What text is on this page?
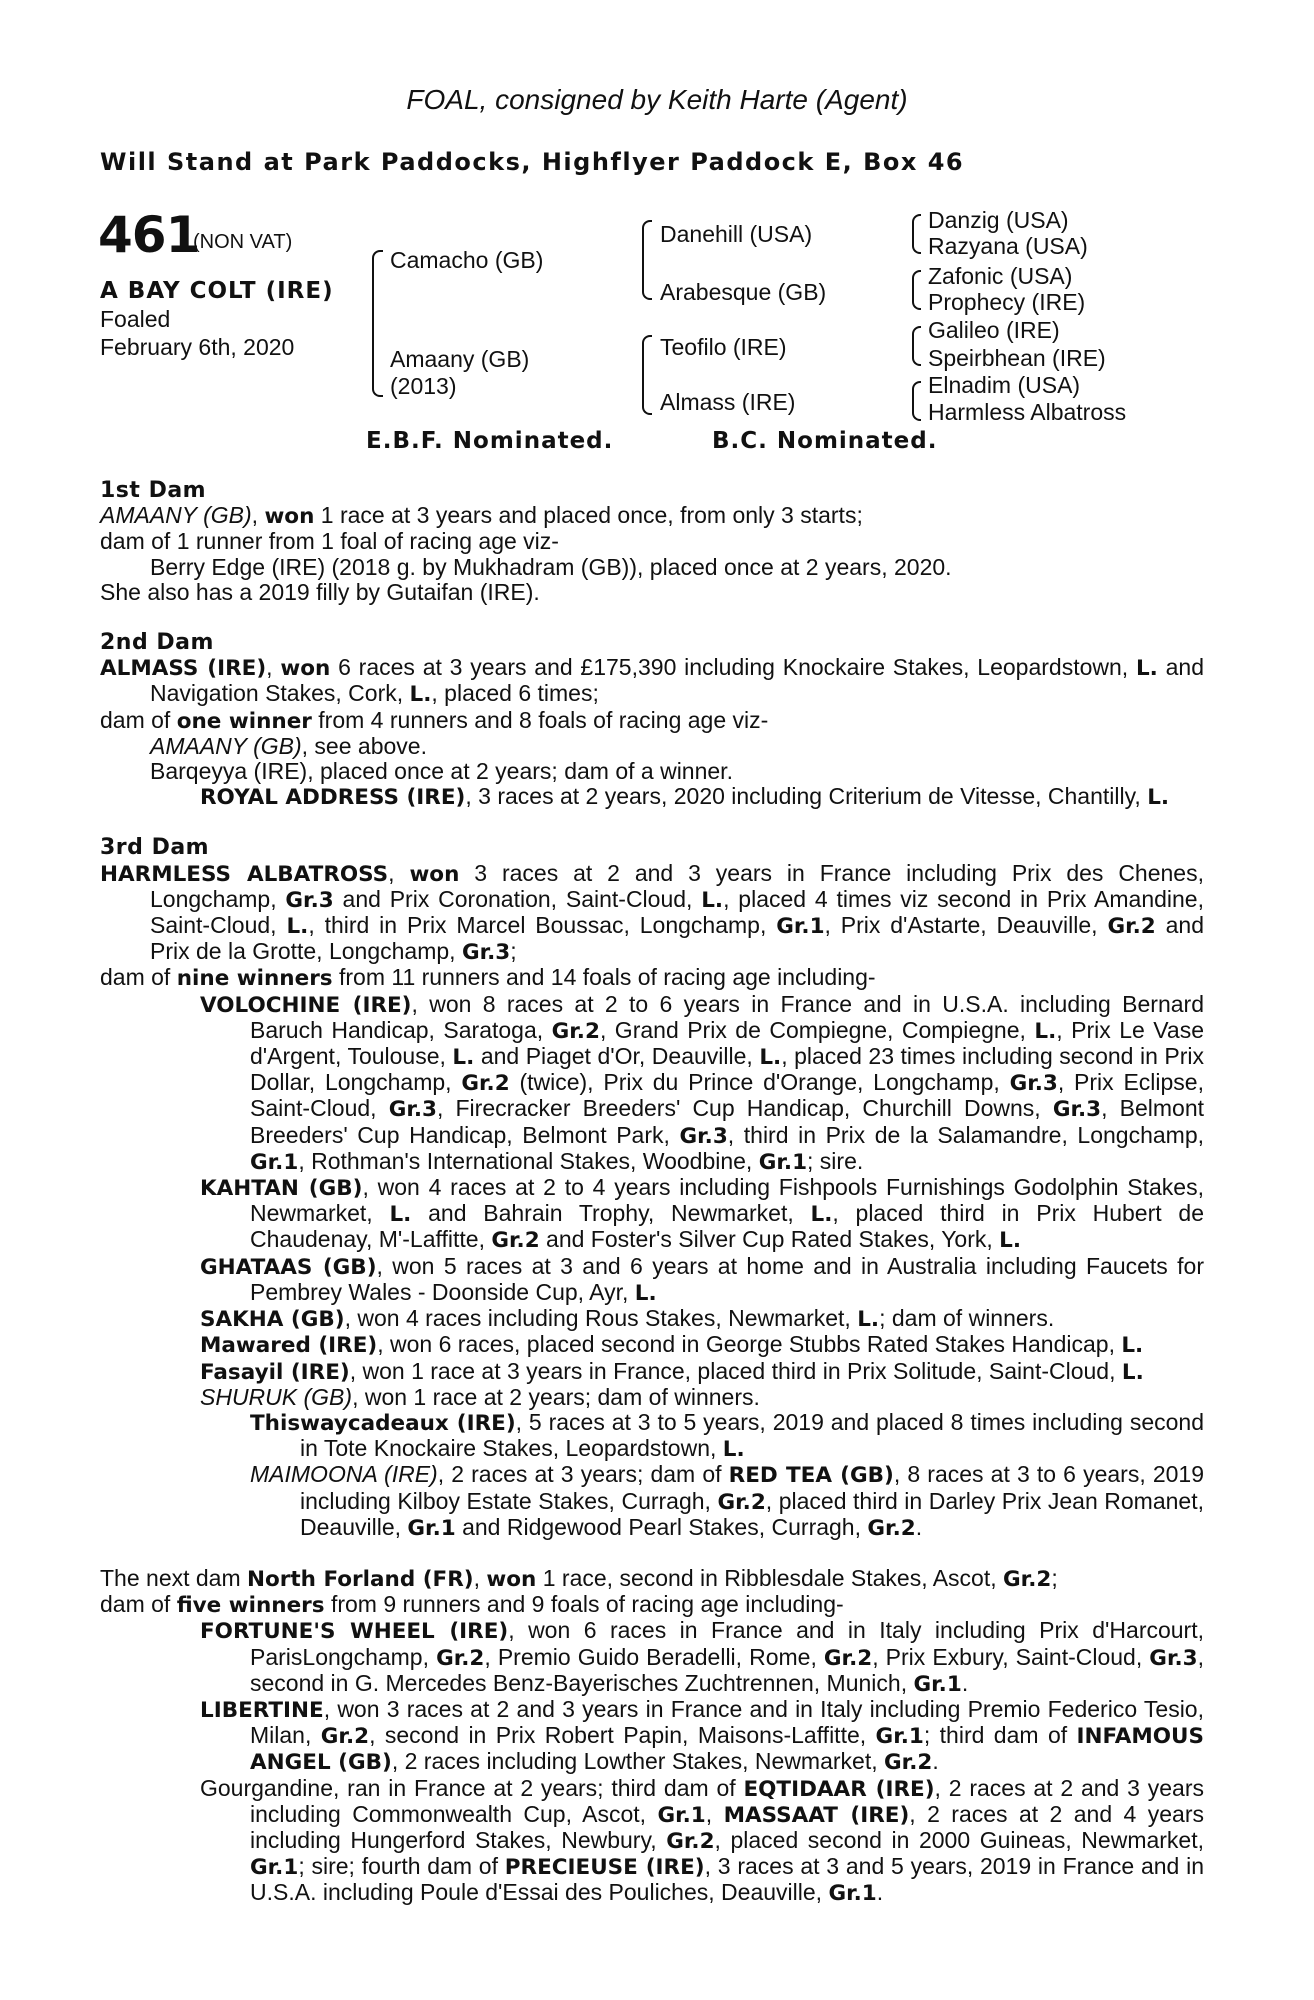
FOAL, consigned by Keith Harte (Agent)
Will Stand at Park Paddocks, Highflyer Paddock E, Box 46
461
(NON VAT)
A BAY COLT (IRE)
Foaled
February 6th, 2020
Camacho (GB)
Amaany (GB)
(2013)
Danehill (USA)
Arabesque (GB)
Teofilo (IRE)
Almass (IRE)
Danzig (USA)
Razyana (USA)
Zafonic (USA)
Prophecy (IRE)
Galileo (IRE)
Speirbhean (IRE)
Elnadim (USA)
Harmless Albatross
E.B.F. Nominated.	B.C. Nominated.
1st Dam

AMAANY (GB), won 1 race at 3 years and placed once, from only 3 starts;

dam of 1 runner from 1 foal of racing age viz-

Berry Edge (IRE) (2018 g. by Mukhadram (GB)), placed once at 2 years, 2020.

She also has a 2019 filly by Gutaifan (IRE).

2nd Dam

ALMASS (IRE), won 6 races at 3 years and £175,390 including Knockaire Stakes, Leopardstown, L. and Navigation Stakes, Cork, L., placed 6 times;

dam of one winner from 4 runners and 8 foals of racing age viz-

AMAANY (GB), see above.

Barqeyya (IRE), placed once at 2 years; dam of a winner.

ROYAL ADDRESS (IRE), 3 races at 2 years, 2020 including Criterium de Vitesse, Chantilly, L.

3rd Dam

HARMLESS ALBATROSS, won 3 races at 2 and 3 years in France including Prix des Chenes, Longchamp, Gr.3 and Prix Coronation, Saint-Cloud, L., placed 4 times viz second in Prix Amandine, Saint-Cloud, L., third in Prix Marcel Boussac, Longchamp, Gr.1, Prix d'Astarte, Deauville, Gr.2 and Prix de la Grotte, Longchamp, Gr.3;

dam of nine winners from 11 runners and 14 foals of racing age including-

VOLOCHINE (IRE), won 8 races at 2 to 6 years in France and in U.S.A. including Bernard Baruch Handicap, Saratoga, Gr.2, Grand Prix de Compiegne, Compiegne, L., Prix Le Vase d'Argent, Toulouse, L. and Piaget d'Or, Deauville, L., placed 23 times including second in Prix Dollar, Longchamp, Gr.2 (twice), Prix du Prince d'Orange, Longchamp, Gr.3, Prix Eclipse, Saint-Cloud, Gr.3, Firecracker Breeders' Cup Handicap, Churchill Downs, Gr.3, Belmont Breeders' Cup Handicap, Belmont Park, Gr.3, third in Prix de la Salamandre, Longchamp, Gr.1, Rothman's International Stakes, Woodbine, Gr.1; sire.

KAHTAN (GB), won 4 races at 2 to 4 years including Fishpools Furnishings Godolphin Stakes, Newmarket, L. and Bahrain Trophy, Newmarket, L., placed third in Prix Hubert de Chaudenay, M'-Laffitte, Gr.2 and Foster's Silver Cup Rated Stakes, York, L.

GHATAAS (GB), won 5 races at 3 and 6 years at home and in Australia including Faucets for Pembrey Wales - Doonside Cup, Ayr, L.

SAKHA (GB), won 4 races including Rous Stakes, Newmarket, L.; dam of winners.

Mawared (IRE), won 6 races, placed second in George Stubbs Rated Stakes Handicap, L.

Fasayil (IRE), won 1 race at 3 years in France, placed third in Prix Solitude, Saint-Cloud, L.

SHURUK (GB), won 1 race at 2 years; dam of winners.

Thiswaycadeaux (IRE), 5 races at 3 to 5 years, 2019 and placed 8 times including second in Tote Knockaire Stakes, Leopardstown, L.

MAIMOONA (IRE), 2 races at 3 years; dam of RED TEA (GB), 8 races at 3 to 6 years, 2019 including Kilboy Estate Stakes, Curragh, Gr.2, placed third in Darley Prix Jean Romanet, Deauville, Gr.1 and Ridgewood Pearl Stakes, Curragh, Gr.2.

The next dam North Forland (FR), won 1 race, second in Ribblesdale Stakes, Ascot, Gr.2;

dam of five winners from 9 runners and 9 foals of racing age including-

FORTUNE'S WHEEL (IRE), won 6 races in France and in Italy including Prix d'Harcourt, ParisLongchamp, Gr.2, Premio Guido Beradelli, Rome, Gr.2, Prix Exbury, Saint-Cloud, Gr.3, second in G. Mercedes Benz-Bayerisches Zuchtrennen, Munich, Gr.1.

LIBERTINE, won 3 races at 2 and 3 years in France and in Italy including Premio Federico Tesio, Milan, Gr.2, second in Prix Robert Papin, Maisons-Laffitte, Gr.1; third dam of INFAMOUS ANGEL (GB), 2 races including Lowther Stakes, Newmarket, Gr.2.

Gourgandine, ran in France at 2 years; third dam of EQTIDAAR (IRE), 2 races at 2 and 3 years including Commonwealth Cup, Ascot, Gr.1, MASSAAT (IRE), 2 races at 2 and 4 years including Hungerford Stakes, Newbury, Gr.2, placed second in 2000 Guineas, Newmarket, Gr.1; sire; fourth dam of PRECIEUSE (IRE), 3 races at 3 and 5 years, 2019 in France and in U.S.A. including Poule d'Essai des Pouliches, Deauville, Gr.1.
